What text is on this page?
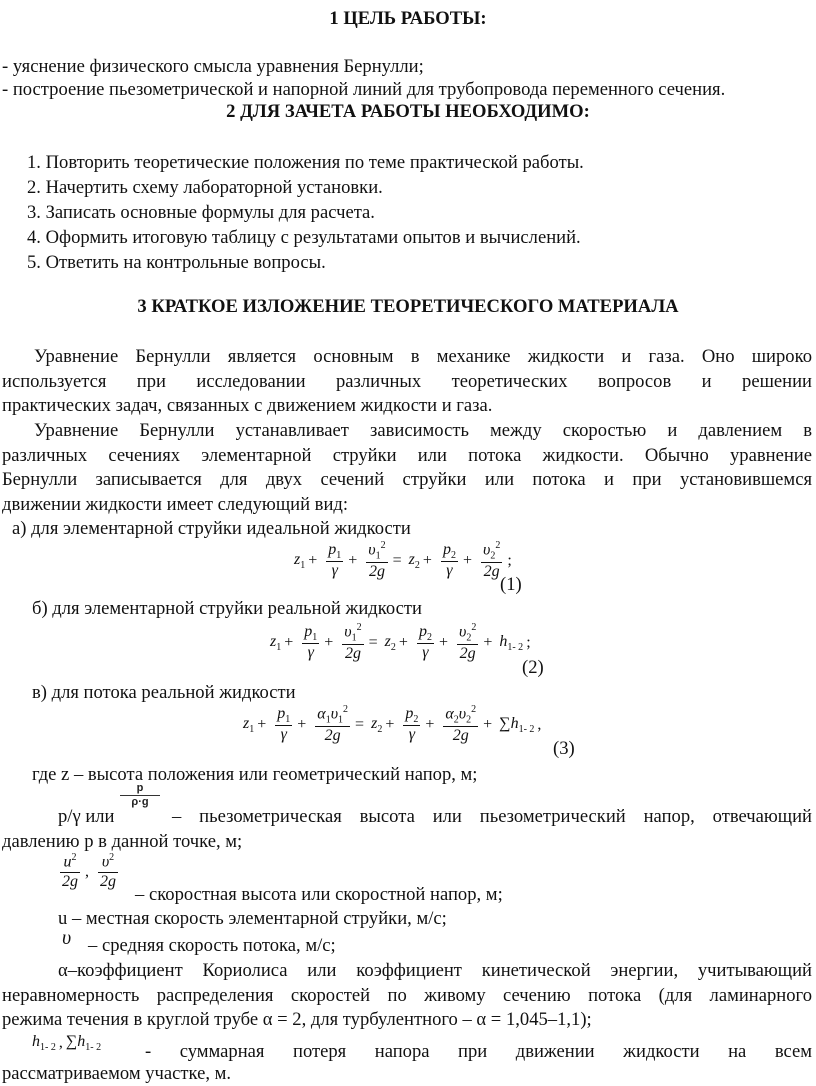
1 ЦЕЛЬ РАБОТЫ:
- уяснение физического смысла уравнения Бернулли;
- построение пьезометрической и напорной линий для трубопровода переменного сечения.
2 ДЛЯ ЗАЧЕТА РАБОТЫ НЕОБХОДИМО:
1. Повторить теоретические положения по теме практической работы.
2. Начертить схему лабораторной установки.
3. Записать основные формулы для расчета.
4. Оформить итоговую таблицу с результатами опытов и вычислений.
5. Ответить на контрольные вопросы.
3 КРАТКОЕ ИЗЛОЖЕНИЕ ТЕОРЕТИЧЕСКОГО МАТЕРИАЛА
Уравнение Бернулли является основным в механике жидкости и газа. Оно широко
используется при исследовании различных теоретических вопросов и решении
практических задач, связанных с движением жидкости и газа.
Уравнение Бернулли устанавливает зависимость между скоростью и давлением в
различных сечениях элементарной струйки или потока жидкости. Обычно уравнение
Бернулли записывается для двух сечений струйки или потока и при установившемся
движении жидкости имеет следующий вид:
а) для элементарной струйки идеальной жидкости
$z_1 + \frac{p_1}{\gamma} + \frac{\upsilon_1^2}{2g} = z_2 + \frac{p_2}{\gamma} + \frac{\upsilon_2^2}{2g}$ ;
(1)
б) для элементарной струйки реальной жидкости
$z_1 + \frac{p_1}{\gamma} + \frac{\upsilon_1^2}{2g} = z_2 + \frac{p_2}{\gamma} + \frac{\upsilon_2^2}{2g} + h_{1- 2}$ ;
(2)
в) для потока реальной жидкости
$z_1 + \frac{p_1}{\gamma} + \frac{\alpha_1\upsilon_1^2}{2g} = z_2 + \frac{p_2}{\gamma} + \frac{\alpha_2\upsilon_2^2}{2g} + \sum h_{1- 2}$ ,
(3)
где z – высота положения или геометрический напор, м;
$\frac{p}{\rho\cdot g}$
p/γ или	– пьезометрическая высота или пьезометрический напор, отвечающий
давлению p в данной точке, м;
$\frac{u^2}{2g}$ , $\frac{\upsilon^2}{2g}$
– скоростная высота или скоростной напор, м;
u – местная скорость элементарной струйки, м/с;
υ – средняя скорость потока, м/с;
α–коэффициент Кориолиса или коэффициент кинетической энергии, учитывающий
неравномерность распределения скоростей по живому сечению потока (для ламинарного
режима течения в круглой трубе α = 2, для турбулентного – α = 1,045–1,1);
$h_{1- 2}$ , $\sum h_{1- 2}$ - суммарная потеря напора при движении жидкости на всем
рассматриваемом участке, м.
